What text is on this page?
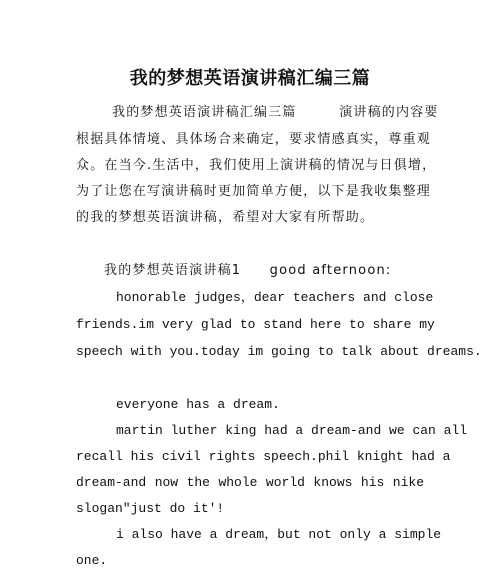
我的梦想英语演讲稿汇编三篇
我的梦想英语演讲稿汇编三篇　　　演讲稿的内容要
根据具体情境、具体场合来确定，要求情感真实，尊重观
众。在当今.生活中，我们使用上演讲稿的情况与日俱增，
为了让您在写演讲稿时更加简单方便，以下是我收集整理
的我的梦想英语演讲稿，希望对大家有所帮助。
我的梦想英语演讲稿1　　good afternoon:
honorable judges，dear teachers and close
friends.im very glad to stand here to share my
speech with you.today im going to talk about dreams.
everyone has a dream.
martin luther king had a dream-and we can all
recall his civil rights speech.phil knight had a
dream-and now the whole world knows his nike
slogan"just do it'!
i also have a dream，but not only a simple
one.
